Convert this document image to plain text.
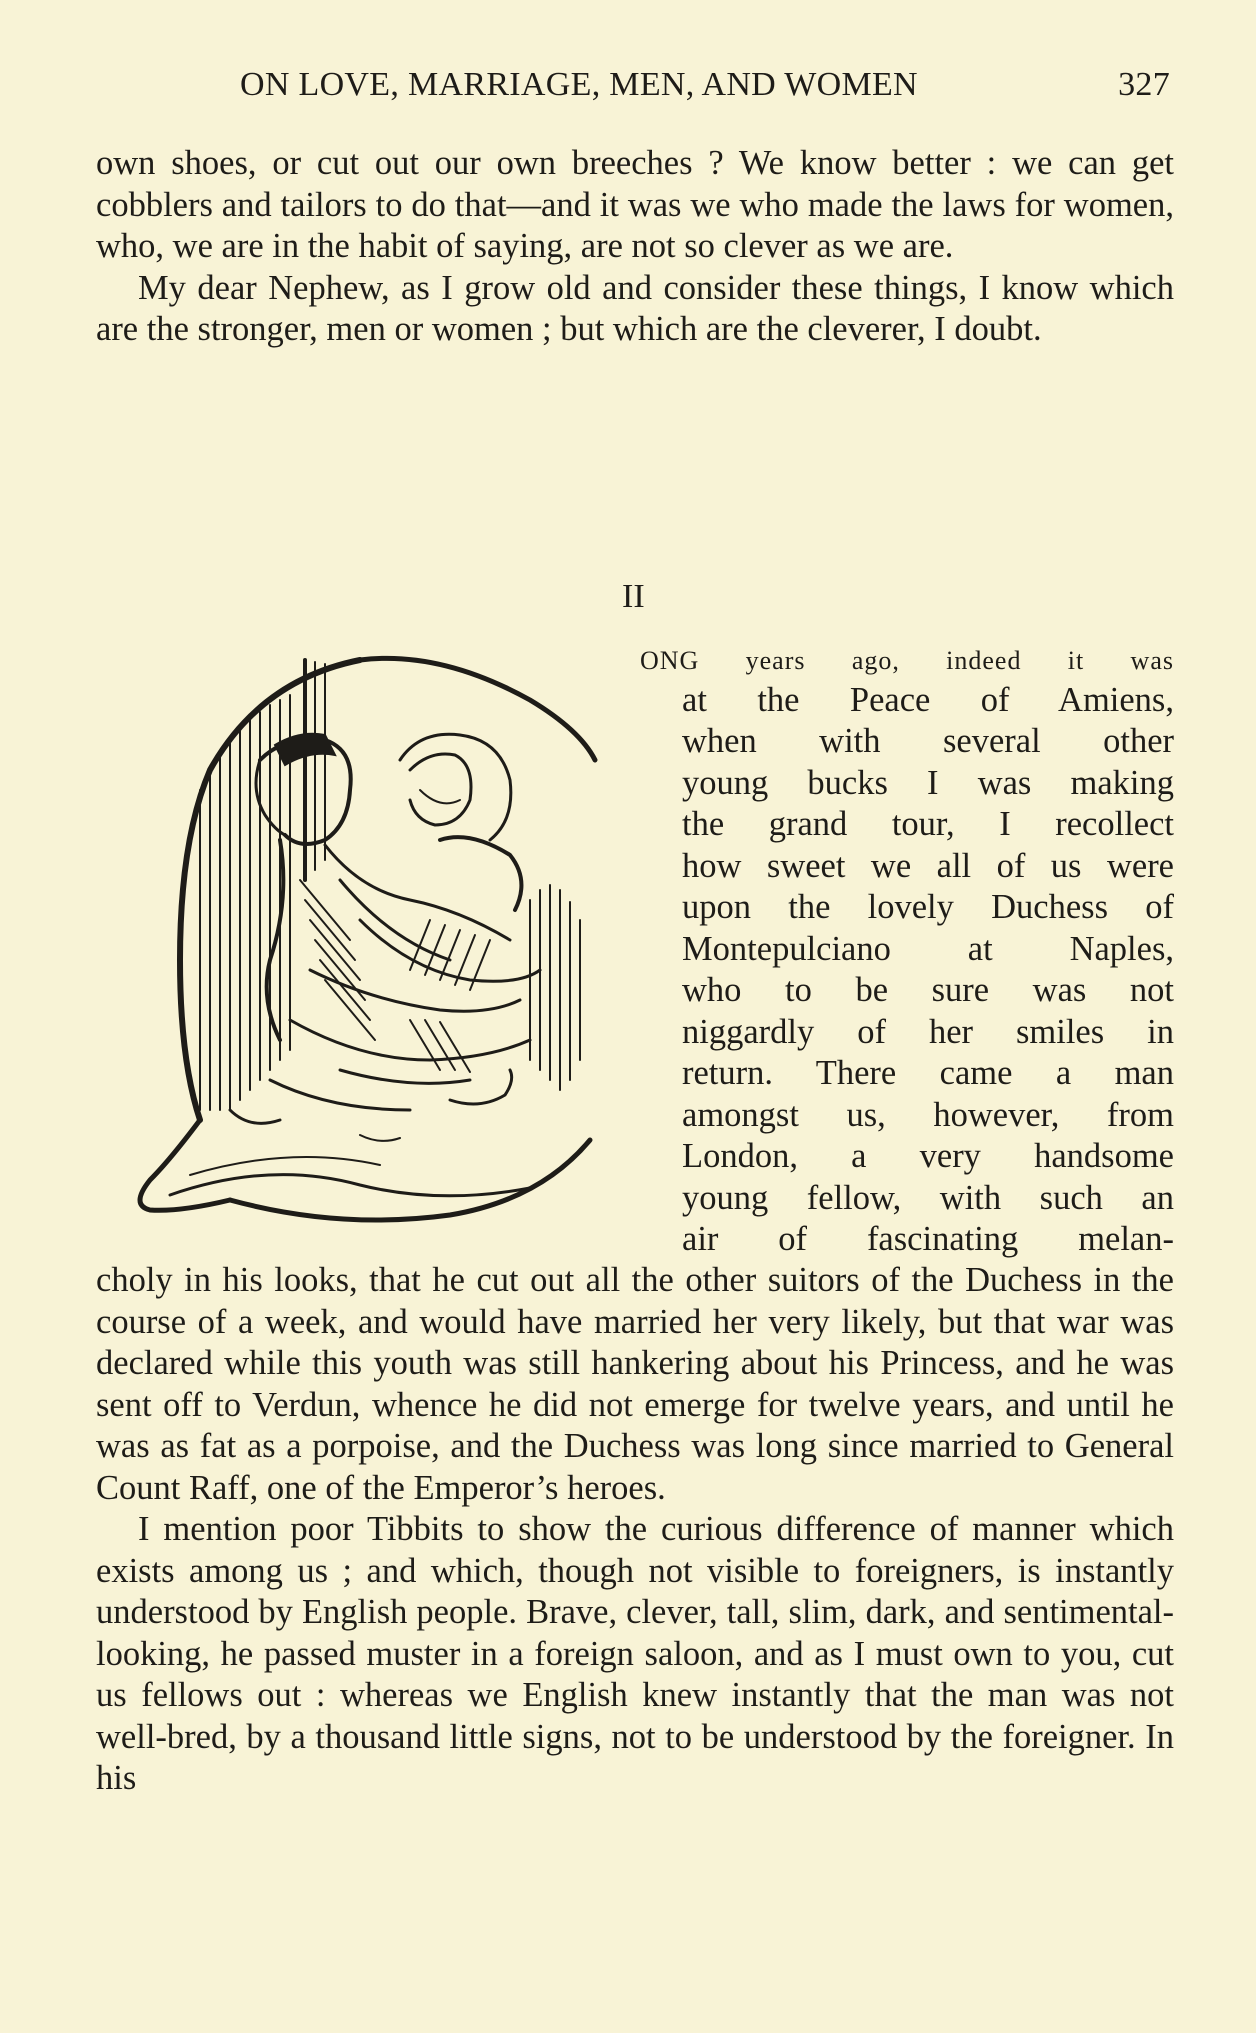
ON LOVE, MARRIAGE, MEN, AND WOMEN	327

own shoes, or cut out our own breeches ? We know better : we can get cobblers and tailors to do that—and it was we who made the laws for women, who, we are in the habit of saying, are not so clever as we are.

My dear Nephew, as I grow old and consider these things, I know which are the stronger, men or women ; but which are the cleverer, I doubt.

II
ONG years ago, indeed it was
at the Peace of Amiens,
when with several other
young bucks I was making
the grand tour, I recollect
how sweet we all of us were
upon the lovely Duchess of
Montepulciano at Naples,
who to be sure was not
niggardly of her smiles in
return. There came a man
amongst us, however, from
London, a very handsome
young fellow, with such an
air of fascinating melan-

choly in his looks, that he cut out all the other suitors of the Duchess in the course of a week, and would have married her very likely, but that war was declared while this youth was still hankering about his Princess, and he was sent off to Verdun, whence he did not emerge for twelve years, and until he was as fat as a porpoise, and the Duchess was long since married to General Count Raff, one of the Emperor’s heroes.

I mention poor Tibbits to show the curious difference of manner which exists among us ; and which, though not visible to foreigners, is instantly understood by English people. Brave, clever, tall, slim, dark, and sentimental-looking, he passed muster in a foreign saloon, and as I must own to you, cut us fellows out : whereas we English knew instantly that the man was not well-bred, by a thousand little signs, not to be understood by the foreigner. In his
